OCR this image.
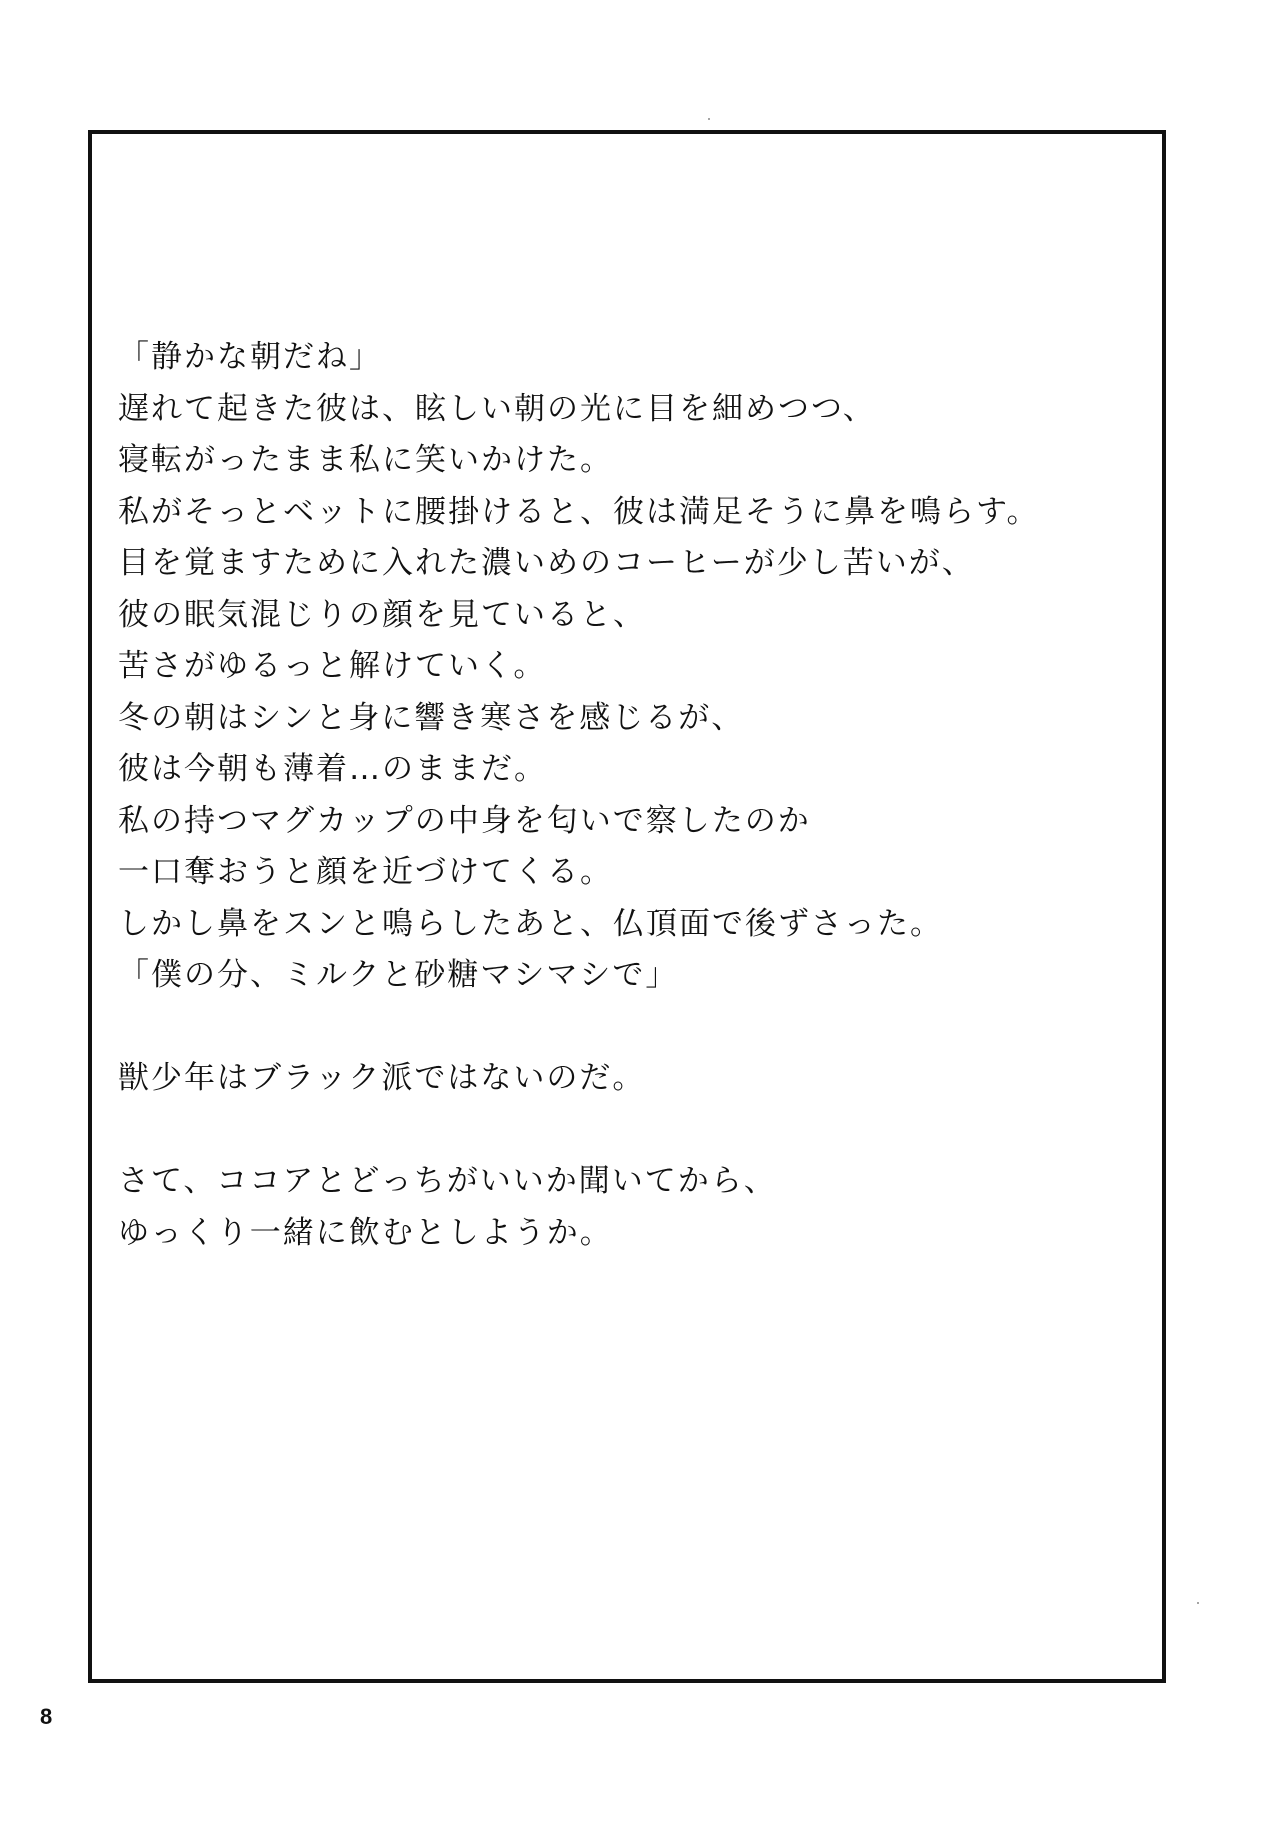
「静かな朝だね」
遅れて起きた彼は、眩しい朝の光に目を細めつつ、
寝転がったまま私に笑いかけた。
私がそっとベットに腰掛けると、彼は満足そうに鼻を鳴らす。
目を覚ますために入れた濃いめのコーヒーが少し苦いが、
彼の眠気混じりの顔を見ていると、
苦さがゆるっと解けていく。
冬の朝はシンと身に響き寒さを感じるが、
彼は今朝も薄着…のままだ。
私の持つマグカップの中身を匂いで察したのか
一口奪おうと顔を近づけてくる。
しかし鼻をスンと鳴らしたあと、仏頂面で後ずさった。
「僕の分、ミルクと砂糖マシマシで」
獣少年はブラック派ではないのだ。
さて、ココアとどっちがいいか聞いてから、
ゆっくり一緒に飲むとしようか。
8
